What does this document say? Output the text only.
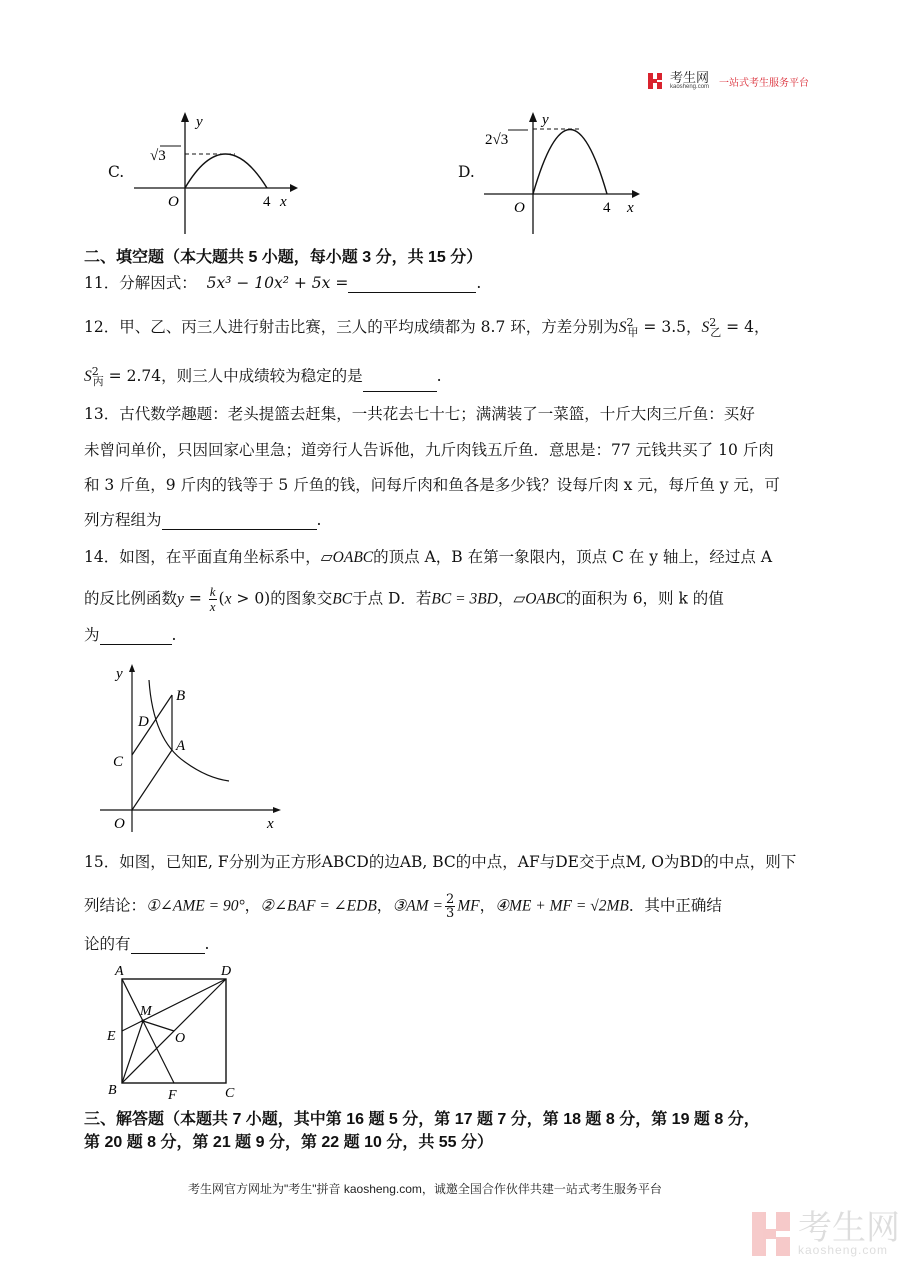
考生网
kaosheng.com 一站式考生服务平台
C.
y
x
O	4
√3
D.
y
x
O	4
2√3
二、填空题（本大题共 5 小题，每小题 3 分，共 15 分）
11．分解因式： 5x³ − 10x² + 5x =	.
12．甲、乙、丙三人进行射击比赛，三人的平均成绩都为 8.7 环，方差分别为$S^2_甲 = 3.5$，$S^2_乙 = 4$，
$S^2_丙 = 2.74$，则三人中成绩较为稳定的是	.
13．古代数学趣题：老头提篮去赶集，一共花去七十七；满满装了一菜篮，十斤大肉三斤鱼：买好
未曾问单价，只因回家心里急；道旁行人告诉他，九斤肉钱五斤鱼．意思是：77 元钱共买了 10 斤肉
和 3 斤鱼，9 斤肉的钱等于 5 斤鱼的钱，问每斤肉和鱼各是多少钱？设每斤肉 x 元，每斤鱼 y 元，可
列方程组为	.
14．如图，在平面直角坐标系中，▱OABC的顶点 A，B 在第一象限内，顶点 C 在 y 轴上，经过点 A
的反比例函数$y = \frac{k}{x} (x > 0)$的图象交BC于点 D．若BC = 3BD，▱OABC的面积为 6，则 k 的值
为	.
y
x
O
C
D
B
A
15．如图，已知E, F分别为正方形ABCD的边AB, BC的中点，AF与DE交于点M, O为BD的中点，则下
列结论：①∠AME = 90°，②∠BAF = ∠EDB，③AM = $\frac{2}{3}$ MF，④ME + MF = √2MB．其中正确结
论的有	.
A	D
M
E	O
B	F	C
三、解答题（本题共 7 小题，其中第 16 题 5 分，第 17 题 7 分，第 18 题 8 分，第 19 题 8 分，
第 20 题 8 分，第 21 题 9 分，第 22 题 10 分，共 55 分）
考生网官方网址为"考生"拼音 kaosheng.com，诚邀全国合作伙伴共建一站式考生服务平台
考生网
kaosheng.com
